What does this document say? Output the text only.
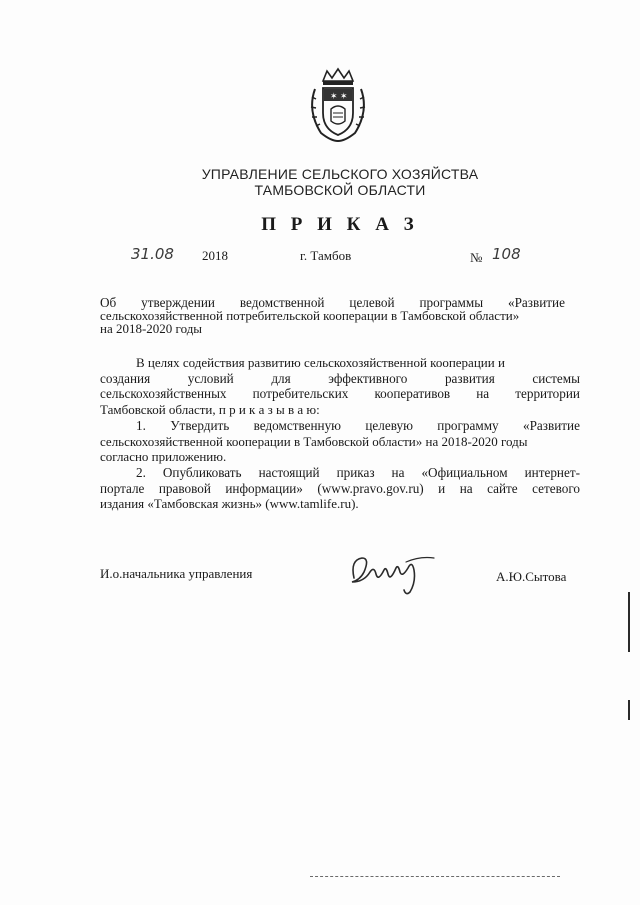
✶ ✶
УПРАВЛЕНИЕ СЕЛЬСКОГО ХОЗЯЙСТВА
ТАМБОВСКОЙ ОБЛАСТИ
П Р И К А З
31.08 2018	г. Тамбов	№ 108
Об утверждении ведомственной целевой программы «Развитие
сельскохозяйственной потребительской кооперации в Тамбовской области»
на 2018-2020 годы
В целях содействия развитию сельскохозяйственной кооперации и
создания	условий	для	эффективного	развития	системы
сельскохозяйственных потребительских кооперативов на территории
Тамбовской области, п р и к а з ы в а ю:
1. Утвердить ведомственную целевую программу «Развитие
сельскохозяйственной кооперации в Тамбовской области» на 2018-2020 годы
согласно приложению.
2. Опубликовать настоящий приказ на «Официальном интернет-
портале правовой информации» (www.pravo.gov.ru) и на сайте сетевого
издания «Тамбовская жизнь» (www.tamlife.ru).
И.о.начальника управления	А.Ю.Сытова
